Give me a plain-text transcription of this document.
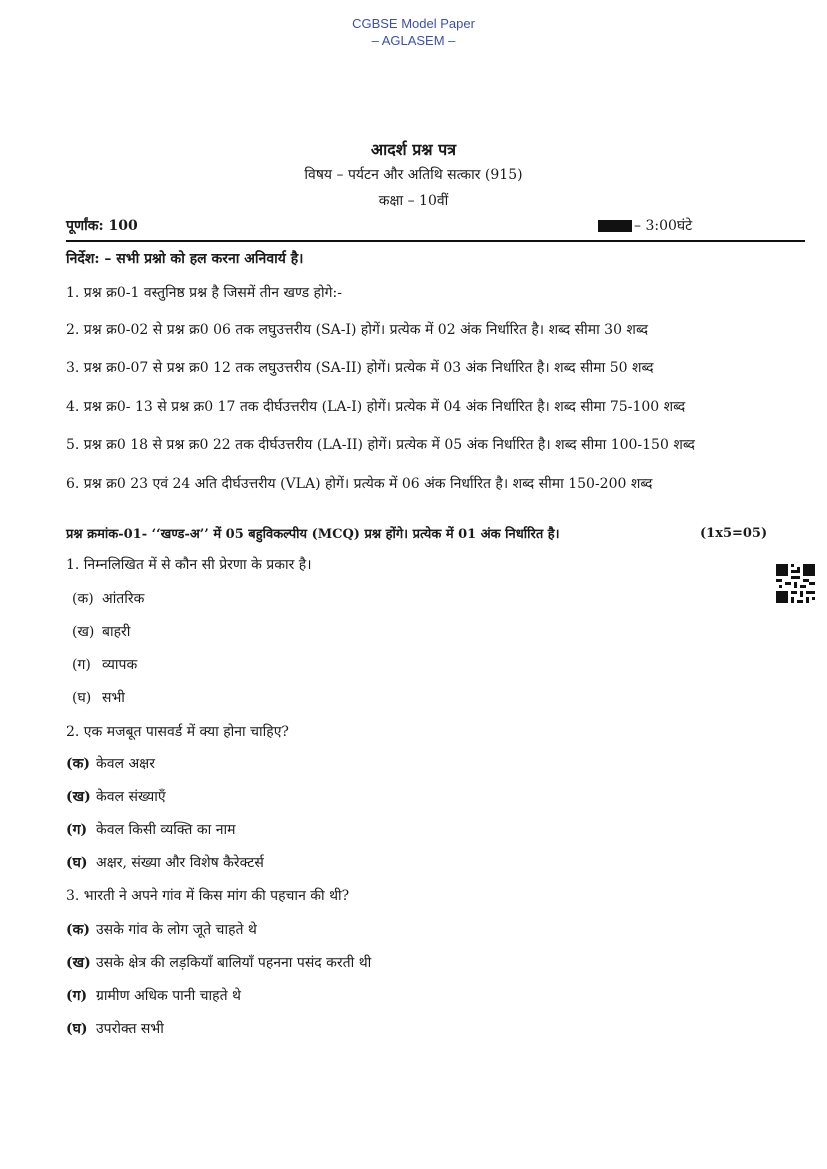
CGBSE Model Paper
– AGLASEM –
आदर्श प्रश्न पत्र
विषय – पर्यटन और अतिथि सत्कार (915)
कक्षा – 10वीं
पूर्णांक: 100	– 3:00घंटे
निर्देश: – सभी प्रश्नो को हल करना अनिवार्य है।
1. प्रश्न क्र0-1 वस्तुनिष्ठ प्रश्न है जिसमें तीन खण्ड होगे:-
2. प्रश्न क्र0-02 से प्रश्न क्र0 06 तक लघुउत्तरीय (SA-I) होगें। प्रत्येक में 02 अंक निर्धारित है। शब्द सीमा 30 शब्द
3. प्रश्न क्र0-07 से प्रश्न क्र0 12 तक लघुउत्तरीय (SA-II) होगें। प्रत्येक में 03 अंक निर्धारित है। शब्द सीमा 50 शब्द
4. प्रश्न क्र0- 13 से प्रश्न क्र0 17 तक दीर्घउत्तरीय (LA-I) होगें। प्रत्येक में 04 अंक निर्धारित है। शब्द सीमा 75-100 शब्द
5. प्रश्न क्र0 18 से प्रश्न क्र0 22 तक दीर्घउत्तरीय (LA-II) होगें। प्रत्येक में 05 अंक निर्धारित है। शब्द सीमा 100-150 शब्द
6. प्रश्न क्र0 23 एवं 24 अति दीर्घउत्तरीय (VLA) होगें। प्रत्येक में 06 अंक निर्धारित है। शब्द सीमा 150-200 शब्द
प्रश्न क्रमांक-01- ‘‘खण्ड-अ’’ में 05 बहुविकल्पीय (MCQ) प्रश्न होंगे। प्रत्येक में 01 अंक निर्धारित है।	(1x5=05)
1. निम्नलिखित में से कौन सी प्रेरणा के प्रकार है।
(क) आंतरिक
(ख) बाहरी
(ग) व्यापक
(घ) सभी
2. एक मजबूत पासवर्ड में क्या होना चाहिए?
(क) केवल अक्षर
(ख) केवल संख्याएँ
(ग) केवल किसी व्यक्ति का नाम
(घ) अक्षर, संख्या और विशेष कैरेक्टर्स
3. भारती ने अपने गांव में किस मांग की पहचान की थी?
(क) उसके गांव के लोग जूते चाहते थे
(ख) उसके क्षेत्र की लड़कियाँ बालियाँ पहनना पसंद करती थी
(ग) ग्रामीण अधिक पानी चाहते थे
(घ) उपरोक्त सभी
